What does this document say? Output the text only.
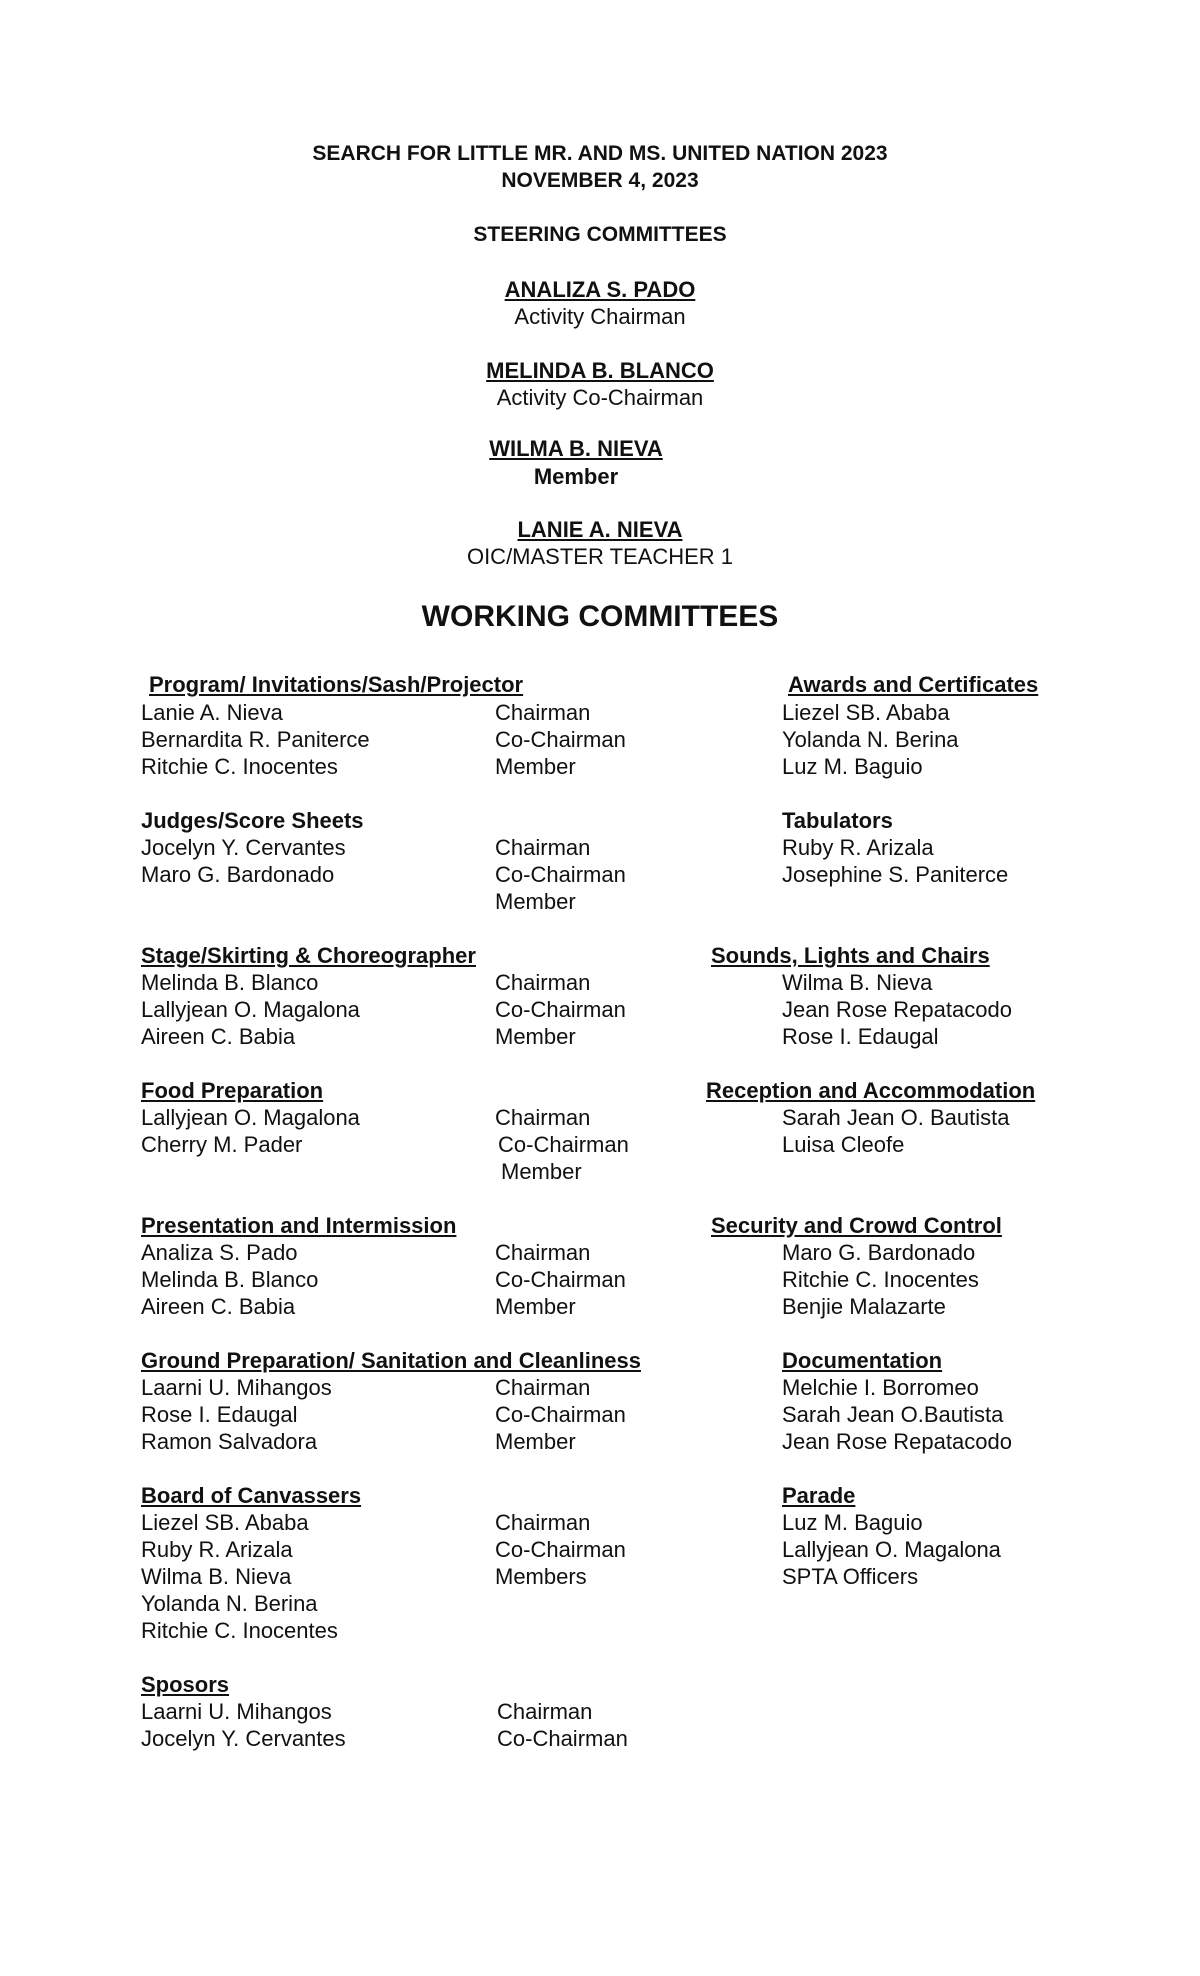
SEARCH FOR LITTLE MR. AND MS. UNITED NATION 2023
NOVEMBER 4, 2023
STEERING COMMITTEES
ANALIZA S. PADO
Activity Chairman
MELINDA B. BLANCO
Activity Co-Chairman
WILMA B. NIEVA
Member
LANIE A. NIEVA
OIC/MASTER TEACHER 1
WORKING COMMITTEES
Program/ Invitations/Sash/Projector
Lanie A. Nieva
Bernardita R. Paniterce
Ritchie C. Inocentes
Chairman
Co-Chairman
Member
Judges/Score Sheets
Jocelyn Y. Cervantes
Maro G. Bardonado
Chairman
Co-Chairman
Member
Stage/Skirting & Choreographer
Melinda B. Blanco
Lallyjean O. Magalona
Aireen C. Babia
Chairman
Co-Chairman
Member
Food Preparation
Lallyjean O. Magalona
Cherry M. Pader
Chairman
Co-Chairman
Member
Presentation and Intermission
Analiza S. Pado
Melinda B. Blanco
Aireen C. Babia
Chairman
Co-Chairman
Member
Ground Preparation/ Sanitation and Cleanliness
Laarni U. Mihangos
Rose I. Edaugal
Ramon Salvadora
Chairman
Co-Chairman
Member
Board of Canvassers
Liezel SB. Ababa
Ruby R. Arizala
Wilma B. Nieva
Yolanda N. Berina
Ritchie C. Inocentes
Chairman
Co-Chairman
Members
Sposors
Laarni U. Mihangos
Jocelyn Y. Cervantes
Chairman
Co-Chairman
Awards and Certificates
Liezel SB. Ababa
Yolanda N. Berina
Luz M. Baguio
Tabulators
Ruby R. Arizala
Josephine S. Paniterce
Sounds, Lights and Chairs
Wilma B. Nieva
Jean Rose Repatacodo
Rose I. Edaugal
Reception and Accommodation
Sarah Jean O. Bautista
Luisa Cleofe
Security and Crowd Control
Maro G. Bardonado
Ritchie C. Inocentes
Benjie Malazarte
Documentation
Melchie I. Borromeo
Sarah Jean O.Bautista
Jean Rose Repatacodo
Parade
Luz M. Baguio
Lallyjean O. Magalona
SPTA Officers
